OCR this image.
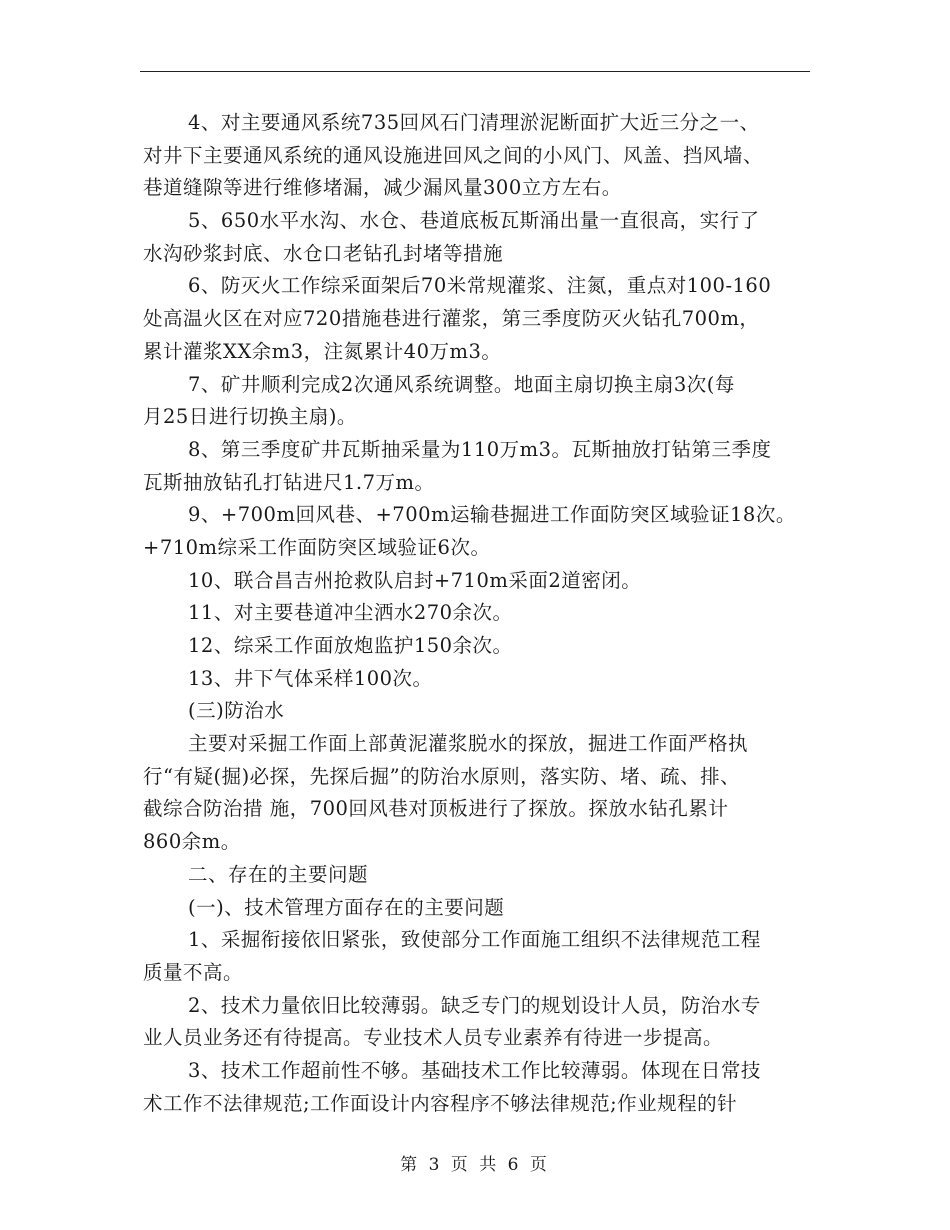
4、对主要通风系统735回风石门清理淤泥断面扩大近三分之一、
对井下主要通风系统的通风设施进回风之间的小风门、风盖、挡风墙、
巷道缝隙等进行维修堵漏，减少漏风量300立方左右。
5、650水平水沟、水仓、巷道底板瓦斯涌出量一直很高，实行了
水沟砂浆封底、水仓口老钻孔封堵等措施
6、防灭火工作综采面架后70米常规灌浆、注氮，重点对100-160
处高温火区在对应720措施巷进行灌浆，第三季度防灭火钻孔700m，
累计灌浆XX余m3，注氮累计40万m3。
7、矿井顺利完成2次通风系统调整。地面主扇切换主扇3次(每
月25日进行切换主扇)。
8、第三季度矿井瓦斯抽采量为110万m3。瓦斯抽放打钻第三季度
瓦斯抽放钻孔打钻进尺1.7万m。
9、+700m回风巷、+700m运输巷掘进工作面防突区域验证18次。
+710m综采工作面防突区域验证6次。
10、联合昌吉州抢救队启封+710m采面2道密闭。
11、对主要巷道冲尘洒水270余次。
12、综采工作面放炮监护150余次。
13、井下气体采样100次。
(三)防治水
主要对采掘工作面上部黄泥灌浆脱水的探放，掘进工作面严格执
行“有疑(掘)必探，先探后掘”的防治水原则，落实防、堵、疏、排、
截综合防治措 施，700回风巷对顶板进行了探放。探放水钻孔累计
860余m。
二、存在的主要问题
(一)、技术管理方面存在的主要问题
1、采掘衔接依旧紧张，致使部分工作面施工组织不法律规范工程
质量不高。
2、技术力量依旧比较薄弱。缺乏专门的规划设计人员，防治水专
业人员业务还有待提高。专业技术人员专业素养有待进一步提高。
3、技术工作超前性不够。基础技术工作比较薄弱。体现在日常技
术工作不法律规范;工作面设计内容程序不够法律规范;作业规程的针
第 3 页 共 6 页
